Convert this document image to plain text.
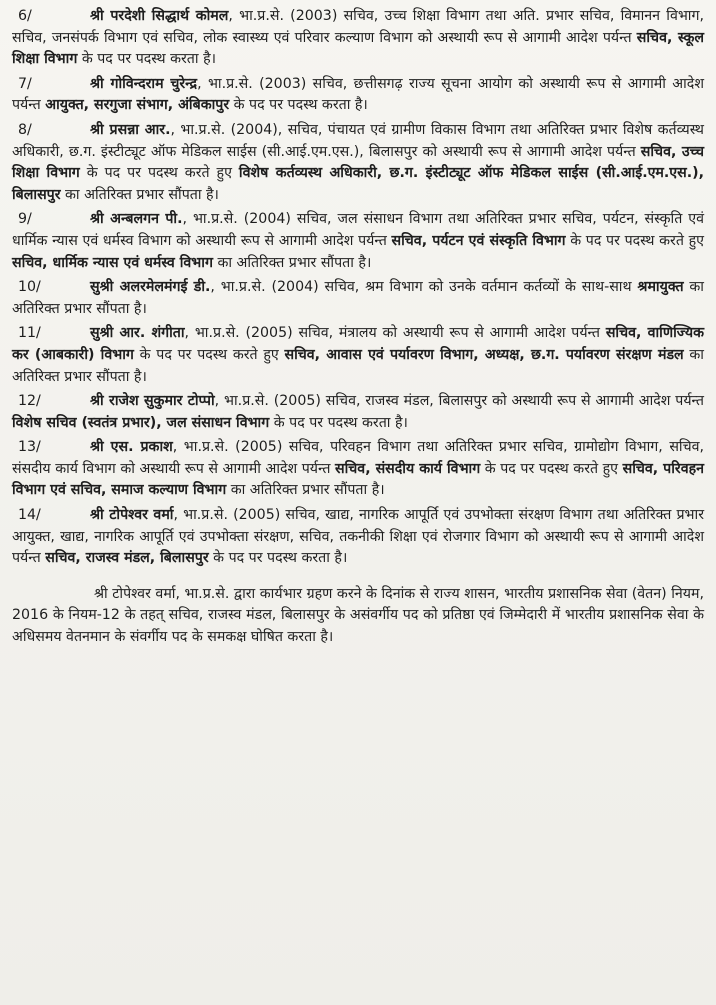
6/	श्री परदेशी सिद्धार्थ कोमल, भा.प्र.से. (2003) सचिव, उच्च शिक्षा विभाग तथा अति. प्रभार सचिव, विमानन विभाग, सचिव, जनसंपर्क विभाग एवं सचिव, लोक स्वास्थ्य एवं परिवार कल्याण विभाग को अस्थायी रूप से आगामी आदेश पर्यन्त सचिव, स्कूल शिक्षा विभाग के पद पर पदस्थ करता है।

7/	श्री गोविन्दराम चुरेन्द्र, भा.प्र.से. (2003) सचिव, छत्तीसगढ़ राज्य सूचना आयोग को अस्थायी रूप से आगामी आदेश पर्यन्त आयुक्त, सरगुजा संभाग, अंबिकापुर के पद पर पदस्थ करता है।

8/	श्री प्रसन्ना आर., भा.प्र.से. (2004), सचिव, पंचायत एवं ग्रामीण विकास विभाग तथा अतिरिक्त प्रभार विशेष कर्तव्यस्थ अधिकारी, छ.ग. इंस्टीट्यूट ऑफ मेडिकल साईस (सी.आई.एम.एस.), बिलासपुर को अस्थायी रूप से आगामी आदेश पर्यन्त सचिव, उच्च शिक्षा विभाग के पद पर पदस्थ करते हुए विशेष कर्तव्यस्थ अधिकारी, छ.ग. इंस्टीट्यूट ऑफ मेडिकल साईस (सी.आई.एम.एस.), बिलासपुर का अतिरिक्त प्रभार सौंपता है।

9/	श्री अन्बलगन पी., भा.प्र.से. (2004) सचिव, जल संसाधन विभाग तथा अतिरिक्त प्रभार सचिव, पर्यटन, संस्कृति एवं धार्मिक न्यास एवं धर्मस्व विभाग को अस्थायी रूप से आगामी आदेश पर्यन्त सचिव, पर्यटन एवं संस्कृति विभाग के पद पर पदस्थ करते हुए सचिव, धार्मिक न्यास एवं धर्मस्व विभाग का अतिरिक्त प्रभार सौंपता है।

10/	सुश्री अलरमेलमंगई डी., भा.प्र.से. (2004) सचिव, श्रम विभाग को उनके वर्तमान कर्तव्यों के साथ-साथ श्रमायुक्त का अतिरिक्त प्रभार सौंपता है।

11/	सुश्री आर. शंगीता, भा.प्र.से. (2005) सचिव, मंत्रालय को अस्थायी रूप से आगामी आदेश पर्यन्त सचिव, वाणिज्यिक कर (आबकारी) विभाग के पद पर पदस्थ करते हुए सचिव, आवास एवं पर्यावरण विभाग, अध्यक्ष, छ.ग. पर्यावरण संरक्षण मंडल का अतिरिक्त प्रभार सौंपता है।

12/	श्री राजेश सुकुमार टोप्पो, भा.प्र.से. (2005) सचिव, राजस्व मंडल, बिलासपुर को अस्थायी रूप से आगामी आदेश पर्यन्त विशेष सचिव (स्वतंत्र प्रभार), जल संसाधन विभाग के पद पर पदस्थ करता है।

13/	श्री एस. प्रकाश, भा.प्र.से. (2005) सचिव, परिवहन विभाग तथा अतिरिक्त प्रभार सचिव, ग्रामोद्योग विभाग, सचिव, संसदीय कार्य विभाग को अस्थायी रूप से आगामी आदेश पर्यन्त सचिव, संसदीय कार्य विभाग के पद पर पदस्थ करते हुए सचिव, परिवहन विभाग एवं सचिव, समाज कल्याण विभाग का अतिरिक्त प्रभार सौंपता है।

14/	श्री टोपेश्वर वर्मा, भा.प्र.से. (2005) सचिव, खाद्य, नागरिक आपूर्ति एवं उपभोक्ता संरक्षण विभाग तथा अतिरिक्त प्रभार आयुक्त, खाद्य, नागरिक आपूर्ति एवं उपभोक्ता संरक्षण, सचिव, तकनीकी शिक्षा एवं रोजगार विभाग को अस्थायी रूप से आगामी आदेश पर्यन्त सचिव, राजस्व मंडल, बिलासपुर के पद पर पदस्थ करता है।

श्री टोपेश्वर वर्मा, भा.प्र.से. द्वारा कार्यभार ग्रहण करने के दिनांक से राज्य शासन, भारतीय प्रशासनिक सेवा (वेतन) नियम, 2016 के नियम-12 के तहत् सचिव, राजस्व मंडल, बिलासपुर के असंवर्गीय पद को प्रतिष्ठा एवं जिम्मेदारी में भारतीय प्रशासनिक सेवा के अधिसमय वेतनमान के संवर्गीय पद के समकक्ष घोषित करता है।
